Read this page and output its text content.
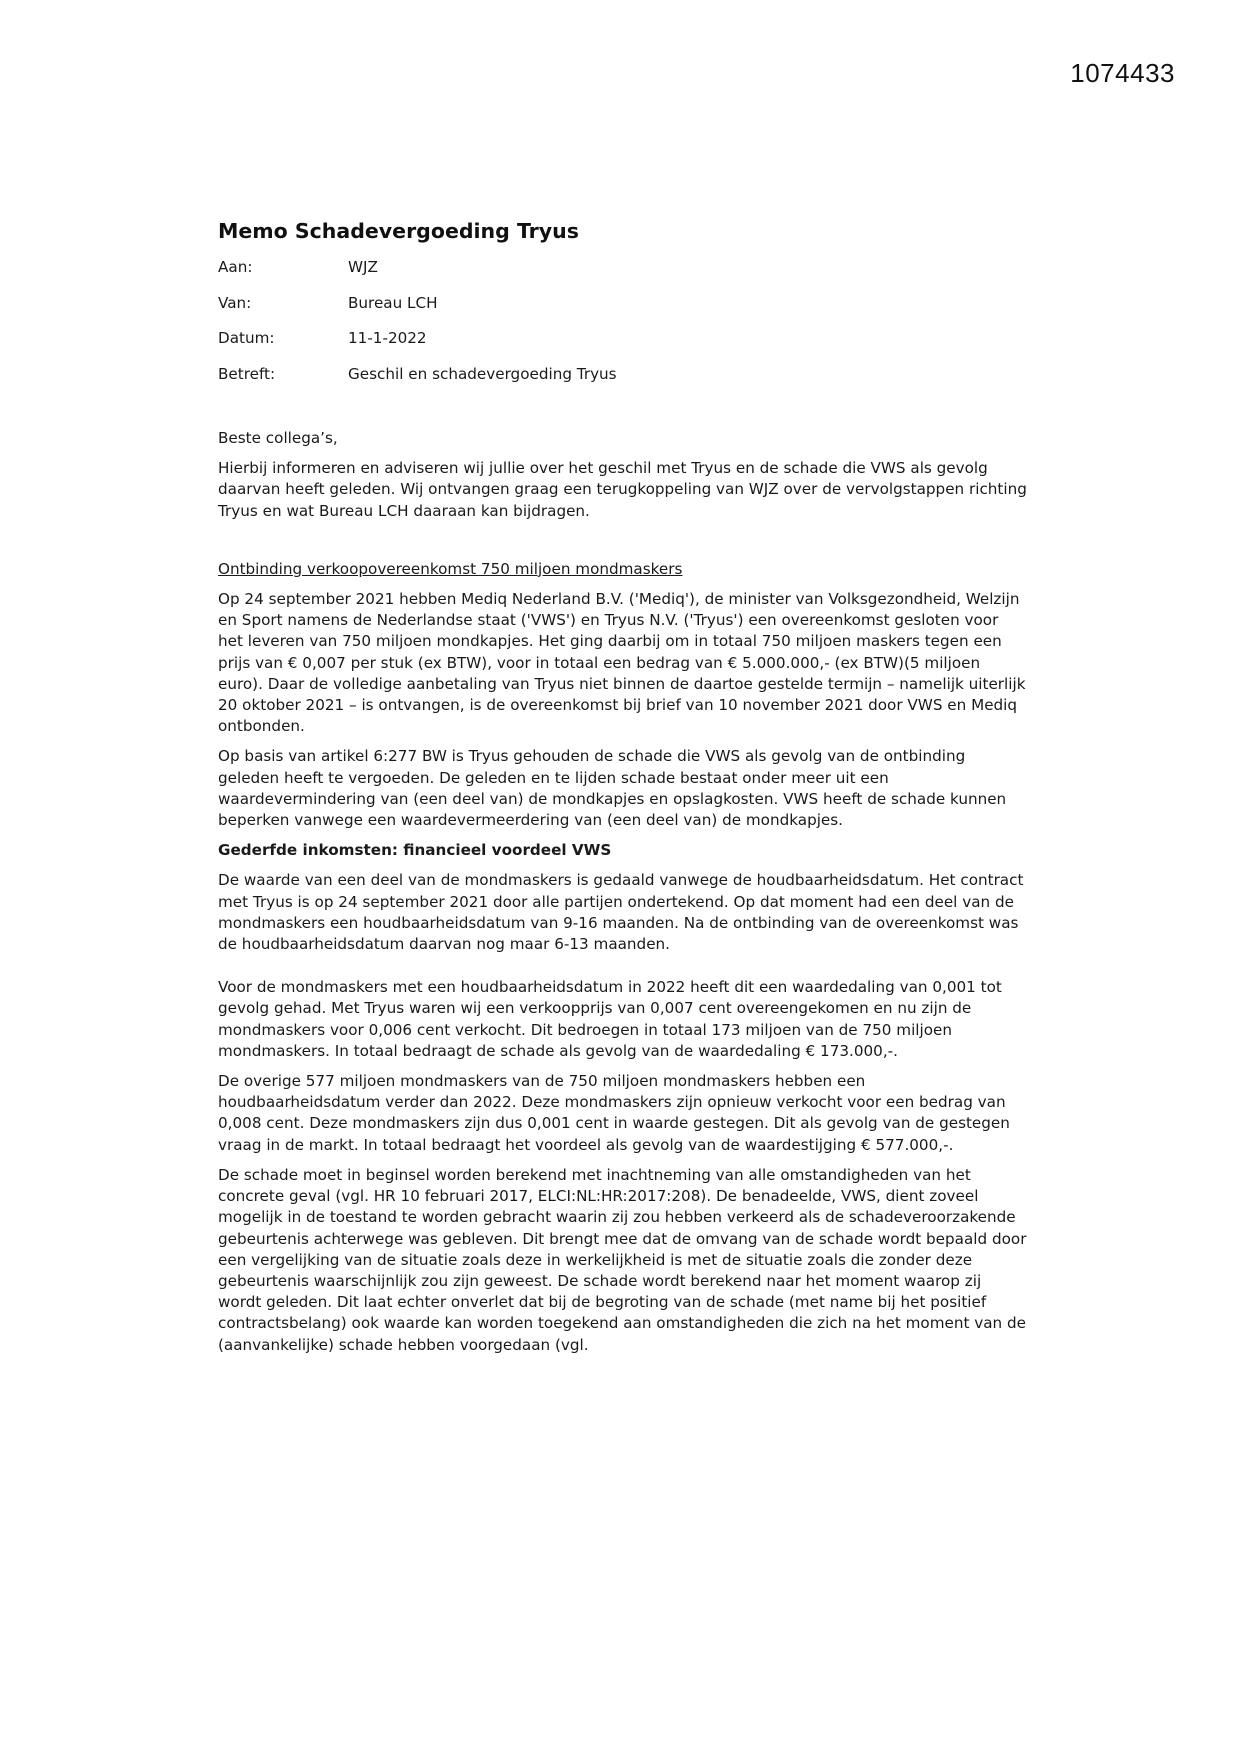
1074433
Memo Schadevergoeding Tryus
Aan:	WJZ
Van:	Bureau LCH
Datum:	11-1-2022
Betreft:	Geschil en schadevergoeding Tryus

Beste collega’s,

Hierbij informeren en adviseren wij jullie over het geschil met Tryus en de schade die VWS als gevolg daarvan heeft geleden. Wij ontvangen graag een terugkoppeling van WJZ over de vervolgstappen richting Tryus en wat Bureau LCH daaraan kan bijdragen.

Ontbinding verkoopovereenkomst 750 miljoen mondmaskers

Op 24 september 2021 hebben Mediq Nederland B.V. ('Mediq'), de minister van Volksgezondheid, Welzijn en Sport namens de Nederlandse staat ('VWS') en Tryus N.V. ('Tryus') een overeenkomst gesloten voor het leveren van 750 miljoen mondkapjes. Het ging daarbij om in totaal 750 miljoen maskers tegen een prijs van € 0,007 per stuk (ex BTW), voor in totaal een bedrag van € 5.000.000,- (ex BTW)(5 miljoen euro). Daar de volledige aanbetaling van Tryus niet binnen de daartoe gestelde termijn – namelijk uiterlijk 20 oktober 2021 – is ontvangen, is de overeenkomst bij brief van 10 november 2021 door VWS en Mediq ontbonden.

Op basis van artikel 6:277 BW is Tryus gehouden de schade die VWS als gevolg van de ontbinding geleden heeft te vergoeden. De geleden en te lijden schade bestaat onder meer uit een waardevermindering van (een deel van) de mondkapjes en opslagkosten. VWS heeft de schade kunnen beperken vanwege een waardevermeerdering van (een deel van) de mondkapjes.

Gederfde inkomsten: financieel voordeel VWS

De waarde van een deel van de mondmaskers is gedaald vanwege de houdbaarheidsdatum. Het contract met Tryus is op 24 september 2021 door alle partijen ondertekend. Op dat moment had een deel van de mondmaskers een houdbaarheidsdatum van 9-16 maanden. Na de ontbinding van de overeenkomst was de houdbaarheidsdatum daarvan nog maar 6-13 maanden.

Voor de mondmaskers met een houdbaarheidsdatum in 2022 heeft dit een waardedaling van 0,001 tot gevolg gehad. Met Tryus waren wij een verkoopprijs van 0,007 cent overeengekomen en nu zijn de mondmaskers voor 0,006 cent verkocht. Dit bedroegen in totaal 173 miljoen van de 750 miljoen mondmaskers. In totaal bedraagt de schade als gevolg van de waardedaling € 173.000,-.

De overige 577 miljoen mondmaskers van de 750 miljoen mondmaskers hebben een houdbaarheidsdatum verder dan 2022. Deze mondmaskers zijn opnieuw verkocht voor een bedrag van 0,008 cent. Deze mondmaskers zijn dus 0,001 cent in waarde gestegen. Dit als gevolg van de gestegen vraag in de markt. In totaal bedraagt het voordeel als gevolg van de waardestijging € 577.000,-.

De schade moet in beginsel worden berekend met inachtneming van alle omstandigheden van het concrete geval (vgl. HR 10 februari 2017, ELCI:NL:HR:2017:208). De benadeelde, VWS, dient zoveel mogelijk in de toestand te worden gebracht waarin zij zou hebben verkeerd als de schadeveroorzakende gebeurtenis achterwege was gebleven. Dit brengt mee dat de omvang van de schade wordt bepaald door een vergelijking van de situatie zoals deze in werkelijkheid is met de situatie zoals die zonder deze gebeurtenis waarschijnlijk zou zijn geweest. De schade wordt berekend naar het moment waarop zij wordt geleden. Dit laat echter onverlet dat bij de begroting van de schade (met name bij het positief contractsbelang) ook waarde kan worden toegekend aan omstandigheden die zich na het moment van de (aanvankelijke) schade hebben voorgedaan (vgl.
